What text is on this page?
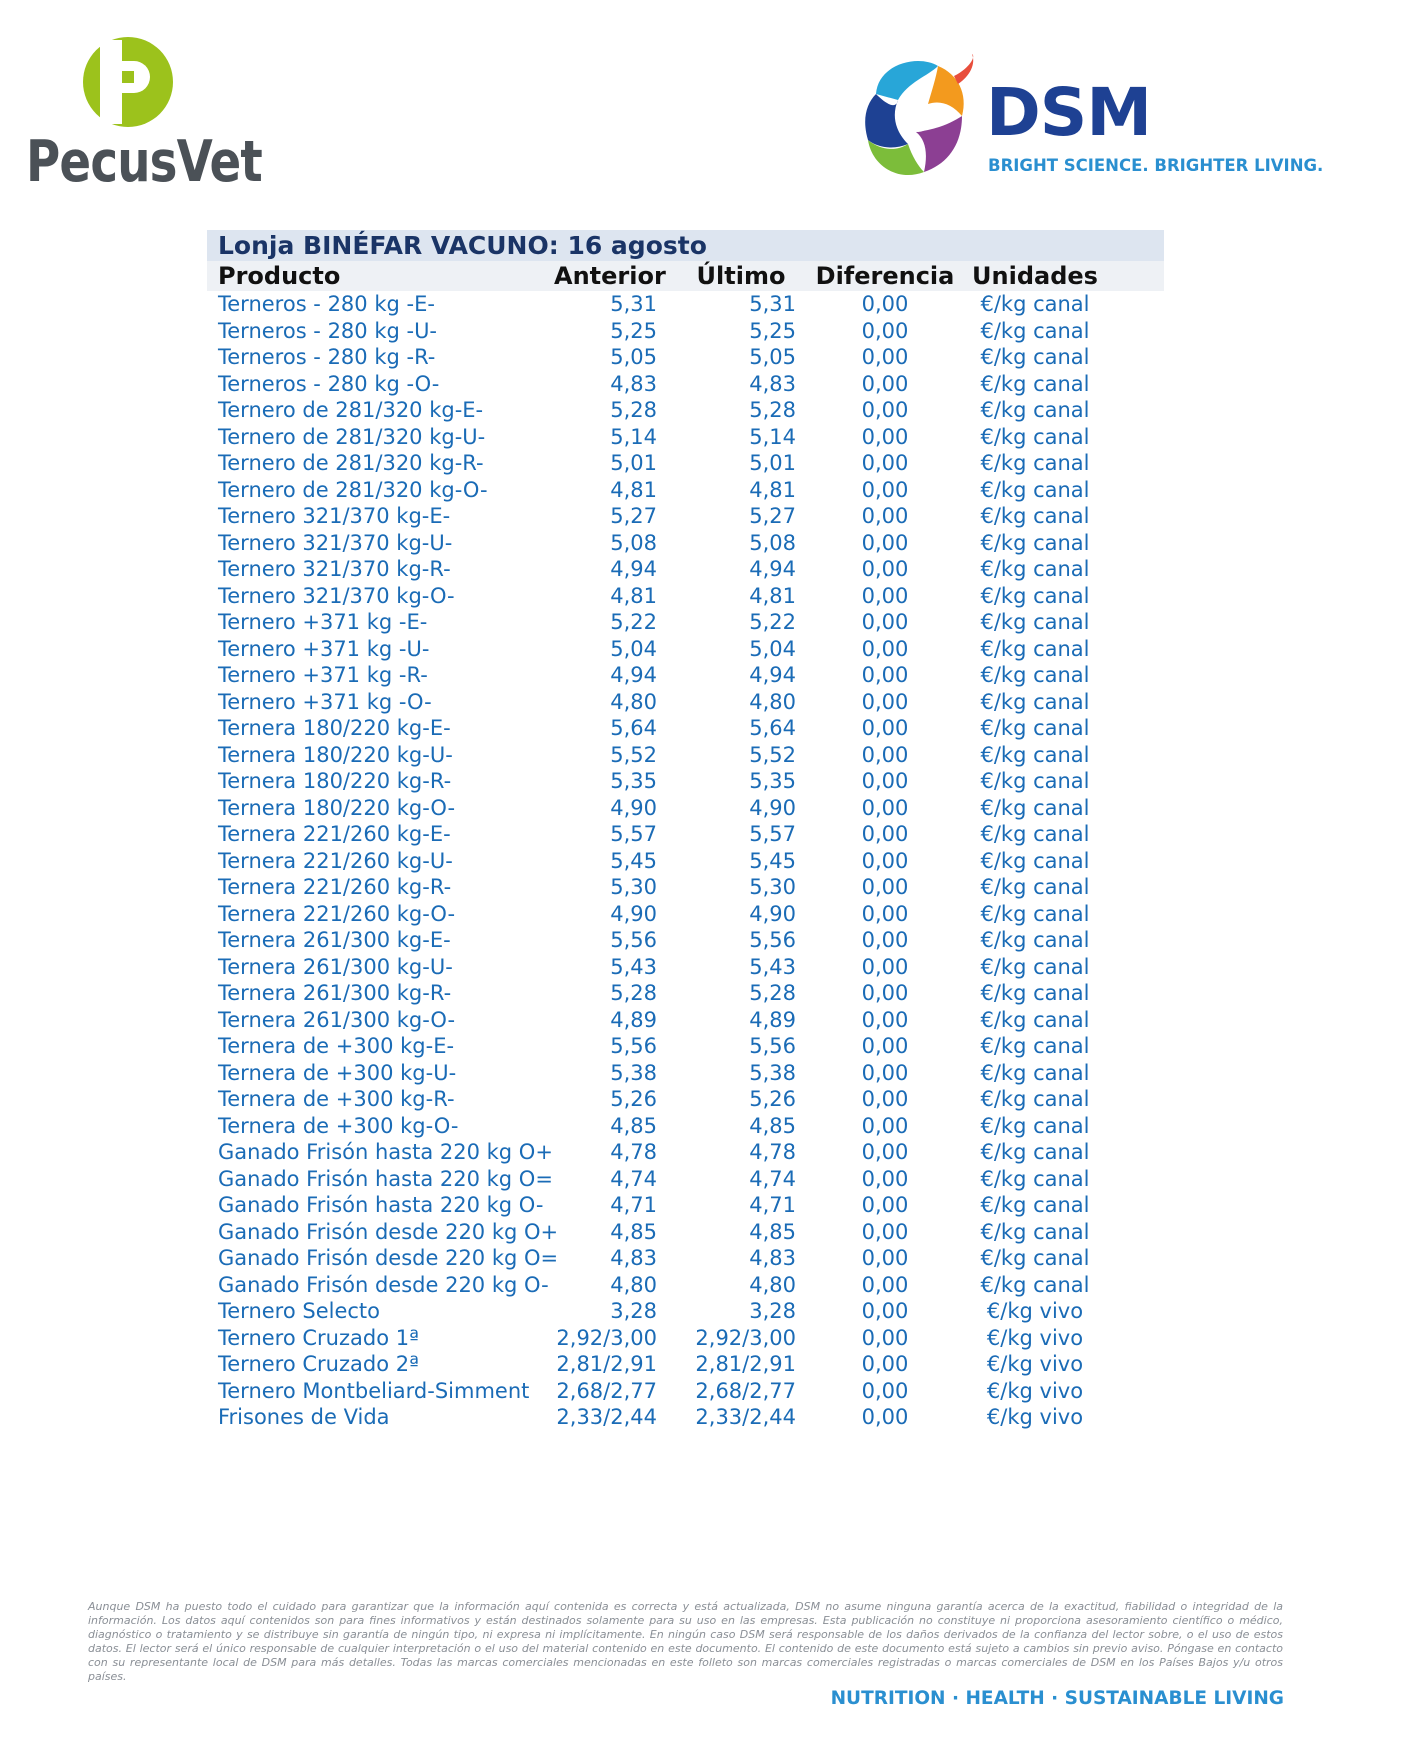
PecusVet
DSM
BRIGHT SCIENCE. BRIGHTER LIVING.
Lonja BINÉFAR VACUNO: 16 agosto
Producto	Anterior	Último	Diferencia Unidades
Terneros - 280 kg -E-	5,31	5,31	0,00	€/kg canal
Terneros - 280 kg -U-	5,25	5,25	0,00	€/kg canal
Terneros - 280 kg -R-	5,05	5,05	0,00	€/kg canal
Terneros - 280 kg -O-	4,83	4,83	0,00	€/kg canal
Ternero de 281/320 kg-E-	5,28	5,28	0,00	€/kg canal
Ternero de 281/320 kg-U-	5,14	5,14	0,00	€/kg canal
Ternero de 281/320 kg-R-	5,01	5,01	0,00	€/kg canal
Ternero de 281/320 kg-O-	4,81	4,81	0,00	€/kg canal
Ternero 321/370 kg-E-	5,27	5,27	0,00	€/kg canal
Ternero 321/370 kg-U-	5,08	5,08	0,00	€/kg canal
Ternero 321/370 kg-R-	4,94	4,94	0,00	€/kg canal
Ternero 321/370 kg-O-	4,81	4,81	0,00	€/kg canal
Ternero +371 kg -E-	5,22	5,22	0,00	€/kg canal
Ternero +371 kg -U-	5,04	5,04	0,00	€/kg canal
Ternero +371 kg -R-	4,94	4,94	0,00	€/kg canal
Ternero +371 kg -O-	4,80	4,80	0,00	€/kg canal
Ternera 180/220 kg-E-	5,64	5,64	0,00	€/kg canal
Ternera 180/220 kg-U-	5,52	5,52	0,00	€/kg canal
Ternera 180/220 kg-R-	5,35	5,35	0,00	€/kg canal
Ternera 180/220 kg-O-	4,90	4,90	0,00	€/kg canal
Ternera 221/260 kg-E-	5,57	5,57	0,00	€/kg canal
Ternera 221/260 kg-U-	5,45	5,45	0,00	€/kg canal
Ternera 221/260 kg-R-	5,30	5,30	0,00	€/kg canal
Ternera 221/260 kg-O-	4,90	4,90	0,00	€/kg canal
Ternera 261/300 kg-E-	5,56	5,56	0,00	€/kg canal
Ternera 261/300 kg-U-	5,43	5,43	0,00	€/kg canal
Ternera 261/300 kg-R-	5,28	5,28	0,00	€/kg canal
Ternera 261/300 kg-O-	4,89	4,89	0,00	€/kg canal
Ternera de +300 kg-E-	5,56	5,56	0,00	€/kg canal
Ternera de +300 kg-U-	5,38	5,38	0,00	€/kg canal
Ternera de +300 kg-R-	5,26	5,26	0,00	€/kg canal
Ternera de +300 kg-O-	4,85	4,85	0,00	€/kg canal
Ganado Frisón hasta 220 kg O+	4,78	4,78	0,00	€/kg canal
Ganado Frisón hasta 220 kg O=	4,74	4,74	0,00	€/kg canal
Ganado Frisón hasta 220 kg O-	4,71	4,71	0,00	€/kg canal
Ganado Frisón desde 220 kg O+	4,85	4,85	0,00	€/kg canal
Ganado Frisón desde 220 kg O=	4,83	4,83	0,00	€/kg canal
Ganado Frisón desde 220 kg O-	4,80	4,80	0,00	€/kg canal
Ternero Selecto	3,28	3,28	0,00	€/kg vivo
Ternero Cruzado 1ª	2,92/3,00	2,92/3,00	0,00	€/kg vivo
Ternero Cruzado 2ª	2,81/2,91	2,81/2,91	0,00	€/kg vivo
Ternero Montbeliard-Simment	2,68/2,77	2,68/2,77	0,00	€/kg vivo
Frisones de Vida	2,33/2,44	2,33/2,44	0,00	€/kg vivo
Aunque DSM ha puesto todo el cuidado para garantizar que la información aquí contenida es correcta y está actualizada, DSM no asume ninguna garantía acerca de la exactitud, fiabilidad o integridad de la información. Los datos aquí contenidos son para fines informativos y están destinados solamente para su uso en las empresas. Esta publicación no constituye ni proporciona asesoramiento científico o médico, diagnóstico o tratamiento y se distribuye sin garantía de ningún tipo, ni expresa ni implícitamente. En ningún caso DSM será responsable de los daños derivados de la confianza del lector sobre, o el uso de estos datos. El lector será el único responsable de cualquier interpretación o el uso del material contenido en este documento. El contenido de este documento está sujeto a cambios sin previo aviso. Póngase en contacto con su representante local de DSM para más detalles. Todas las marcas comerciales mencionadas en este folleto son marcas comerciales registradas o marcas comerciales de DSM en los Países Bajos y/u otros países.
NUTRITION · HEALTH · SUSTAINABLE LIVING
